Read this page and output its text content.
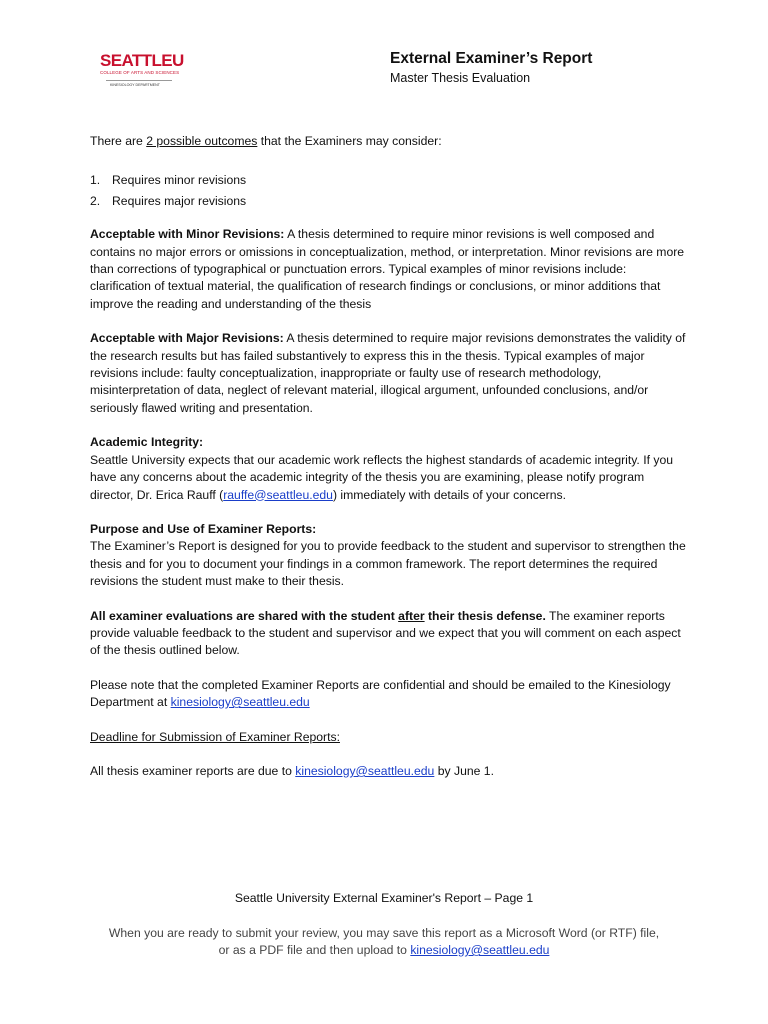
SEATTLEU
COLLEGE OF ARTS AND SCIENCES
KINESIOLOGY DEPARTMENT

External Examiner’s Report

Master Thesis Evaluation

There are 2 possible outcomes that the Examiners may consider:

1. Requires minor revisions
2. Requires major revisions

Acceptable with Minor Revisions: A thesis determined to require minor revisions is well composed and contains no major errors or omissions in conceptualization, method, or interpretation. Minor revisions are more than corrections of typographical or punctuation errors. Typical examples of minor revisions include: clarification of textual material, the qualification of research findings or conclusions, or minor additions that improve the reading and understanding of the thesis

Acceptable with Major Revisions: A thesis determined to require major revisions demonstrates the validity of the research results but has failed substantively to express this in the thesis. Typical examples of major revisions include: faulty conceptualization, inappropriate or faulty use of research methodology, misinterpretation of data, neglect of relevant material, illogical argument, unfounded conclusions, and/or seriously flawed writing and presentation.

Academic Integrity:

Seattle University expects that our academic work reflects the highest standards of academic integrity. If you have any concerns about the academic integrity of the thesis you are examining, please notify program director, Dr. Erica Rauff (rauffe@seattleu.edu) immediately with details of your concerns.

Purpose and Use of Examiner Reports:

The Examiner’s Report is designed for you to provide feedback to the student and supervisor to strengthen the thesis and for you to document your findings in a common framework. The report determines the required revisions the student must make to their thesis.

All examiner evaluations are shared with the student after their thesis defense. The examiner reports provide valuable feedback to the student and supervisor and we expect that you will comment on each aspect of the thesis outlined below.

Please note that the completed Examiner Reports are confidential and should be emailed to the Kinesiology Department at kinesiology@seattleu.edu

Deadline for Submission of Examiner Reports:

All thesis examiner reports are due to kinesiology@seattleu.edu by June 1.

Seattle University External Examiner's Report – Page 1
When you are ready to submit your review, you may save this report as a Microsoft Word (or RTF) file,
or as a PDF file and then upload to kinesiology@seattleu.edu
